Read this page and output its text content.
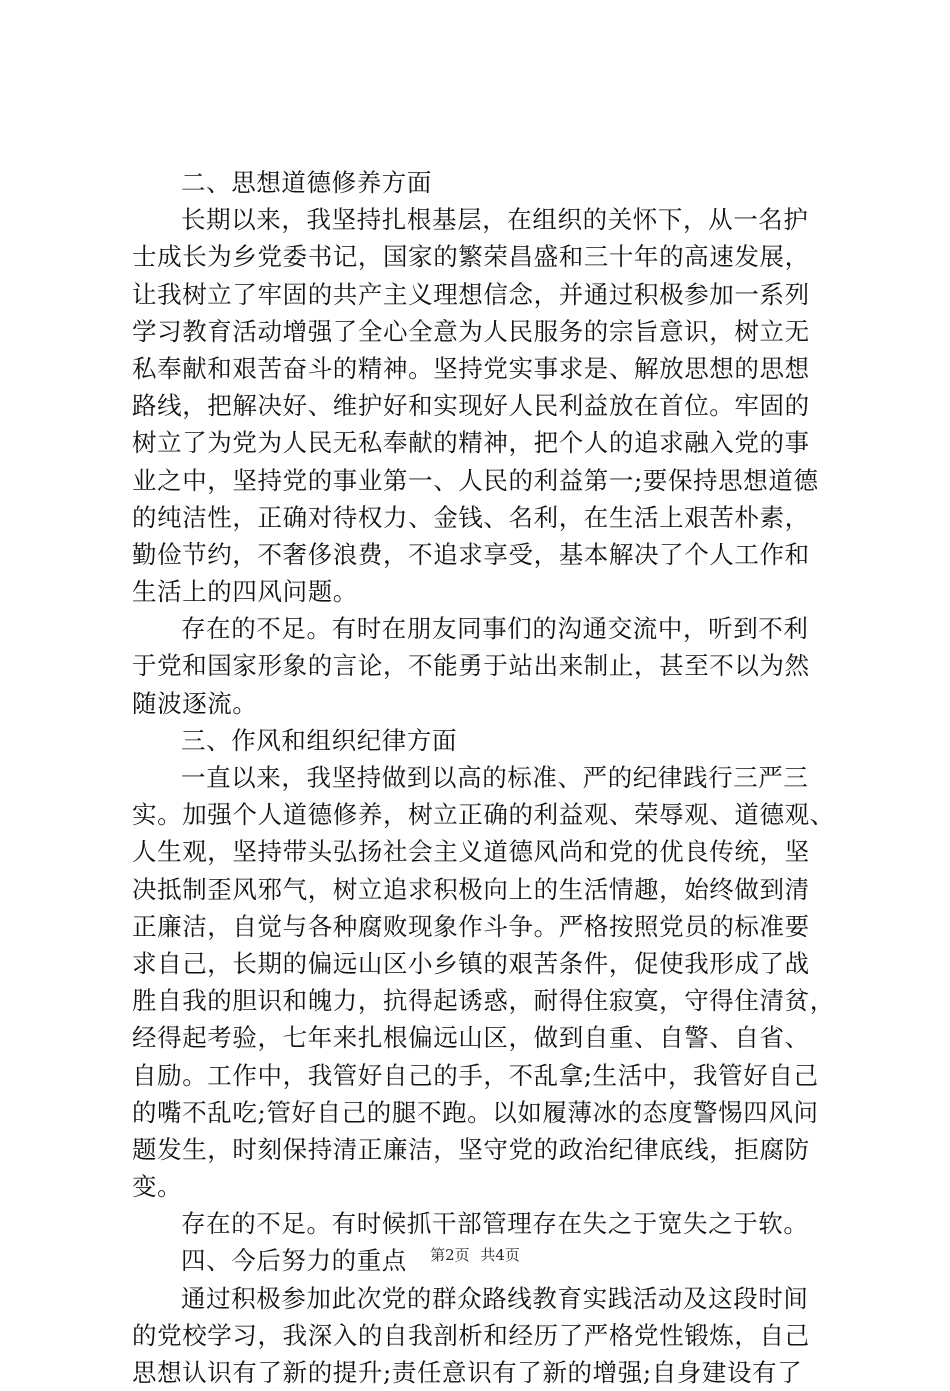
二、思想道德修养方面
长期以来，我坚持扎根基层，在组织的关怀下，从一名护
士成长为乡党委书记，国家的繁荣昌盛和三十年的高速发展，
让我树立了牢固的共产主义理想信念，并通过积极参加一系列
学习教育活动增强了全心全意为人民服务的宗旨意识，树立无
私奉献和艰苦奋斗的精神。坚持党实事求是、解放思想的思想
路线，把解决好、维护好和实现好人民利益放在首位。牢固的
树立了为党为人民无私奉献的精神，把个人的追求融入党的事
业之中，坚持党的事业第一、人民的利益第一;要保持思想道德
的纯洁性，正确对待权力、金钱、名利，在生活上艰苦朴素，
勤俭节约，不奢侈浪费，不追求享受，基本解决了个人工作和
生活上的四风问题。
存在的不足。有时在朋友同事们的沟通交流中，听到不利
于党和国家形象的言论，不能勇于站出来制止，甚至不以为然
随波逐流。
三、作风和组织纪律方面
一直以来，我坚持做到以高的标准、严的纪律践行三严三
实。加强个人道德修养，树立正确的利益观、荣辱观、道德观、
人生观，坚持带头弘扬社会主义道德风尚和党的优良传统，坚
决抵制歪风邪气，树立追求积极向上的生活情趣，始终做到清
正廉洁，自觉与各种腐败现象作斗争。严格按照党员的标准要
求自己，长期的偏远山区小乡镇的艰苦条件，促使我形成了战
胜自我的胆识和魄力，抗得起诱惑，耐得住寂寞，守得住清贫，
经得起考验，七年来扎根偏远山区，做到自重、自警、自省、
自励。工作中，我管好自己的手，不乱拿;生活中，我管好自己
的嘴不乱吃;管好自己的腿不跑。以如履薄冰的态度警惕四风问
题发生，时刻保持清正廉洁，坚守党的政治纪律底线，拒腐防
变。
存在的不足。有时候抓干部管理存在失之于宽失之于软。
四、今后努力的重点
通过积极参加此次党的群众路线教育实践活动及这段时间
的党校学习，我深入的自我剖析和经历了严格党性锻炼，自己
思想认识有了新的提升;责任意识有了新的增强;自身建设有了
第2页 共4页
